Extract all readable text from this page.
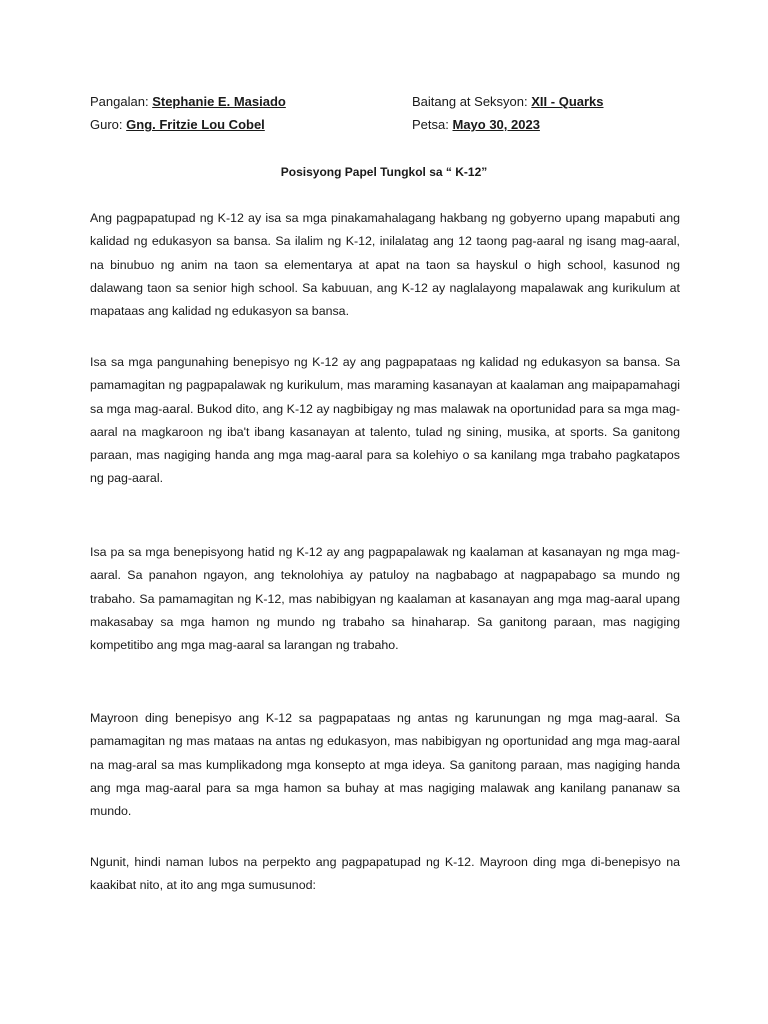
Pangalan: Stephanie E. Masiado	Baitang at Seksyon: XII - Quarks
Guro: Gng. Fritzie Lou Cobel	Petsa: Mayo 30, 2023
Posisyong Papel Tungkol sa “ K-12”

Ang pagpapatupad ng K-12 ay isa sa mga pinakamahalagang hakbang ng gobyerno upang mapabuti ang kalidad ng edukasyon sa bansa. Sa ilalim ng K-12, inilalatag ang 12 taong pag-aaral ng isang mag-aaral, na binubuo ng anim na taon sa elementarya at apat na taon sa hayskul o high school, kasunod ng dalawang taon sa senior high school. Sa kabuuan, ang K-12 ay naglalayong mapalawak ang kurikulum at mapataas ang kalidad ng edukasyon sa bansa.

Isa sa mga pangunahing benepisyo ng K-12 ay ang pagpapataas ng kalidad ng edukasyon sa bansa. Sa pamamagitan ng pagpapalawak ng kurikulum, mas maraming kasanayan at kaalaman ang maipapamahagi sa mga mag-aaral. Bukod dito, ang K-12 ay nagbibigay ng mas malawak na oportunidad para sa mga mag-aaral na magkaroon ng iba't ibang kasanayan at talento, tulad ng sining, musika, at sports. Sa ganitong paraan, mas nagiging handa ang mga mag-aaral para sa kolehiyo o sa kanilang mga trabaho pagkatapos ng pag-aaral.

Isa pa sa mga benepisyong hatid ng K-12 ay ang pagpapalawak ng kaalaman at kasanayan ng mga mag-aaral. Sa panahon ngayon, ang teknolohiya ay patuloy na nagbabago at nagpapabago sa mundo ng trabaho. Sa pamamagitan ng K-12, mas nabibigyan ng kaalaman at kasanayan ang mga mag-aaral upang makasabay sa mga hamon ng mundo ng trabaho sa hinaharap. Sa ganitong paraan, mas nagiging kompetitibo ang mga mag-aaral sa larangan ng trabaho.

Mayroon ding benepisyo ang K-12 sa pagpapataas ng antas ng karunungan ng mga mag-aaral. Sa pamamagitan ng mas mataas na antas ng edukasyon, mas nabibigyan ng oportunidad ang mga mag-aaral na mag-aral sa mas kumplikadong mga konsepto at mga ideya. Sa ganitong paraan, mas nagiging handa ang mga mag-aaral para sa mga hamon sa buhay at mas nagiging malawak ang kanilang pananaw sa mundo.

Ngunit, hindi naman lubos na perpekto ang pagpapatupad ng K-12. Mayroon ding mga di-benepisyo na kaakibat nito, at ito ang mga sumusunod:
